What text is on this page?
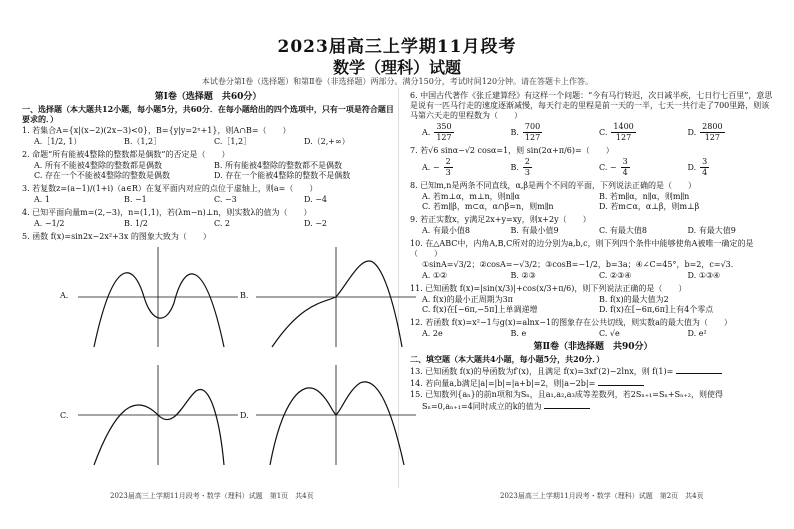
2023届高三上学期11月段考
数学（理科）试题
本试卷分第Ⅰ卷（选择题）和第Ⅱ卷（非选择题）两部分。满分150分，考试时间120分钟。请在答题卡上作答。
第Ⅰ卷（选择题　共60分）
一、选择题（本大题共12小题，每小题5分，共60分．在每小题给出的四个选项中，只有一项是符合题目要求的．）
1. 若集合A={x|(x−2)(2x−3)<0}，B={y|y=2ˣ+1}，则A∩B=（　　）
A.［1/2, 1）	B.（1,2］	C.［1,2］	D.（2,+∞）
2. 命题“所有能被4整除的整数都是偶数”的否定是（　　）
A. 所有不能被4整除的整数都是偶数	B. 所有能被4整除的整数都不是偶数
C. 存在一个不能被4整除的整数是偶数	D. 存在一个能被4整除的整数不是偶数
3. 若复数z=(a−1)/(1+i)（a∈R）在复平面内对应的点位于虚轴上，则a=（　　）
A. 1	B. −1	C. −3	D. −4
4. 已知平面向量m=(2,−3)，n=(1,1)，若(λm−n)⊥n，则实数λ的值为（　　）
A. −1/2	B. 1/2	C. 2	D. −2
5. 函数 f(x)=sin2x−2x²+3x 的图象大致为（　　）
A.	B.
C.	D.
6. 中国古代著作《张丘建算经》有这样一个问题：“今有马行转迟，次日减半疾，七日行七百里”，意思是说有一匹马行走的速度逐渐减慢，每天行走的里程是前一天的一半，七天一共行走了700里路，则该马第六天走的里程数为（　　）
A. $\frac{350}{127}$	B. $\frac{700}{127}$	C. $\frac{1400}{127}$	D. $\frac{2800}{127}$
7. 若√6 sinα−√2 cosα=1，则 sin(2α+π/6)=（　　）
A. − $\frac{2}{3}$	B. $\frac{2}{3}$	C. − $\frac{3}{4}$	D. $\frac{3}{4}$
8. 已知m,n是两条不同直线，α,β是两个不同的平面，下列说法正确的是（　　）
A. 若m⊥α，m⊥n，则n∥α	B. 若m∥α，n∥α，则m∥n
C. 若m∥β，m⊂α，α∩β=n，则m∥n	D. 若m⊂α，α⊥β，则m⊥β
9. 若正实数x，y满足2x+y=xy，则x+2y（　　）
A. 有最小值8	B. 有最小值9	C. 有最大值8	D. 有最大值9
10. 在△ABC中，内角A,B,C所对的边分别为a,b,c，则下列四个条件中能够使角A被唯一确定的是（　　）
①sinA=√3/2；②cosA=−√3/2；③cosB=−1/2，b=3a；④∠C=45°，b=2，c=√3．
A. ①②	B. ②③	C. ②③④	D. ①③④
11. 已知函数 f(x)=|sin(x/3)|+cos(x/3+π/6)，则下列说法正确的是（　　）
A. f(x)的最小正周期为3π	B. f(x)的最大值为2
C. f(x)在[−6π,−5π]上单调递增	D. f(x)在[−6π,6π]上有4个零点
12. 若函数 f(x)=x²−1与g(x)=alnx−1的图象存在公共切线，则实数a的最大值为（　　）
A. 2e	B. e	C. √e	D. e²
第Ⅱ卷（非选择题　共90分）
二、填空题（本大题共4小题，每小题5分，共20分．）
13. 已知函数 f(x)的导函数为f′(x)，且满足 f(x)=3xf′(2)−2lnx，则 f(1)=
14. 若向量a,b满足|a|=|b|=|a+b|=2，则|a−2b|=
15. 已知数列{aₙ}的前n项和为Sₙ，且a₁,a₂,a₃成等差数列，若2Sₙ₊₁=Sₙ+Sₙ₊₂，则使得
Sₙ=0,aₙ₊₁=4同时成立的k的值为
2023届高三上学期11月段考・数学（理科）试题　第1页　共4页	2023届高三上学期11月段考・数学（理科）试题　第2页　共4页
